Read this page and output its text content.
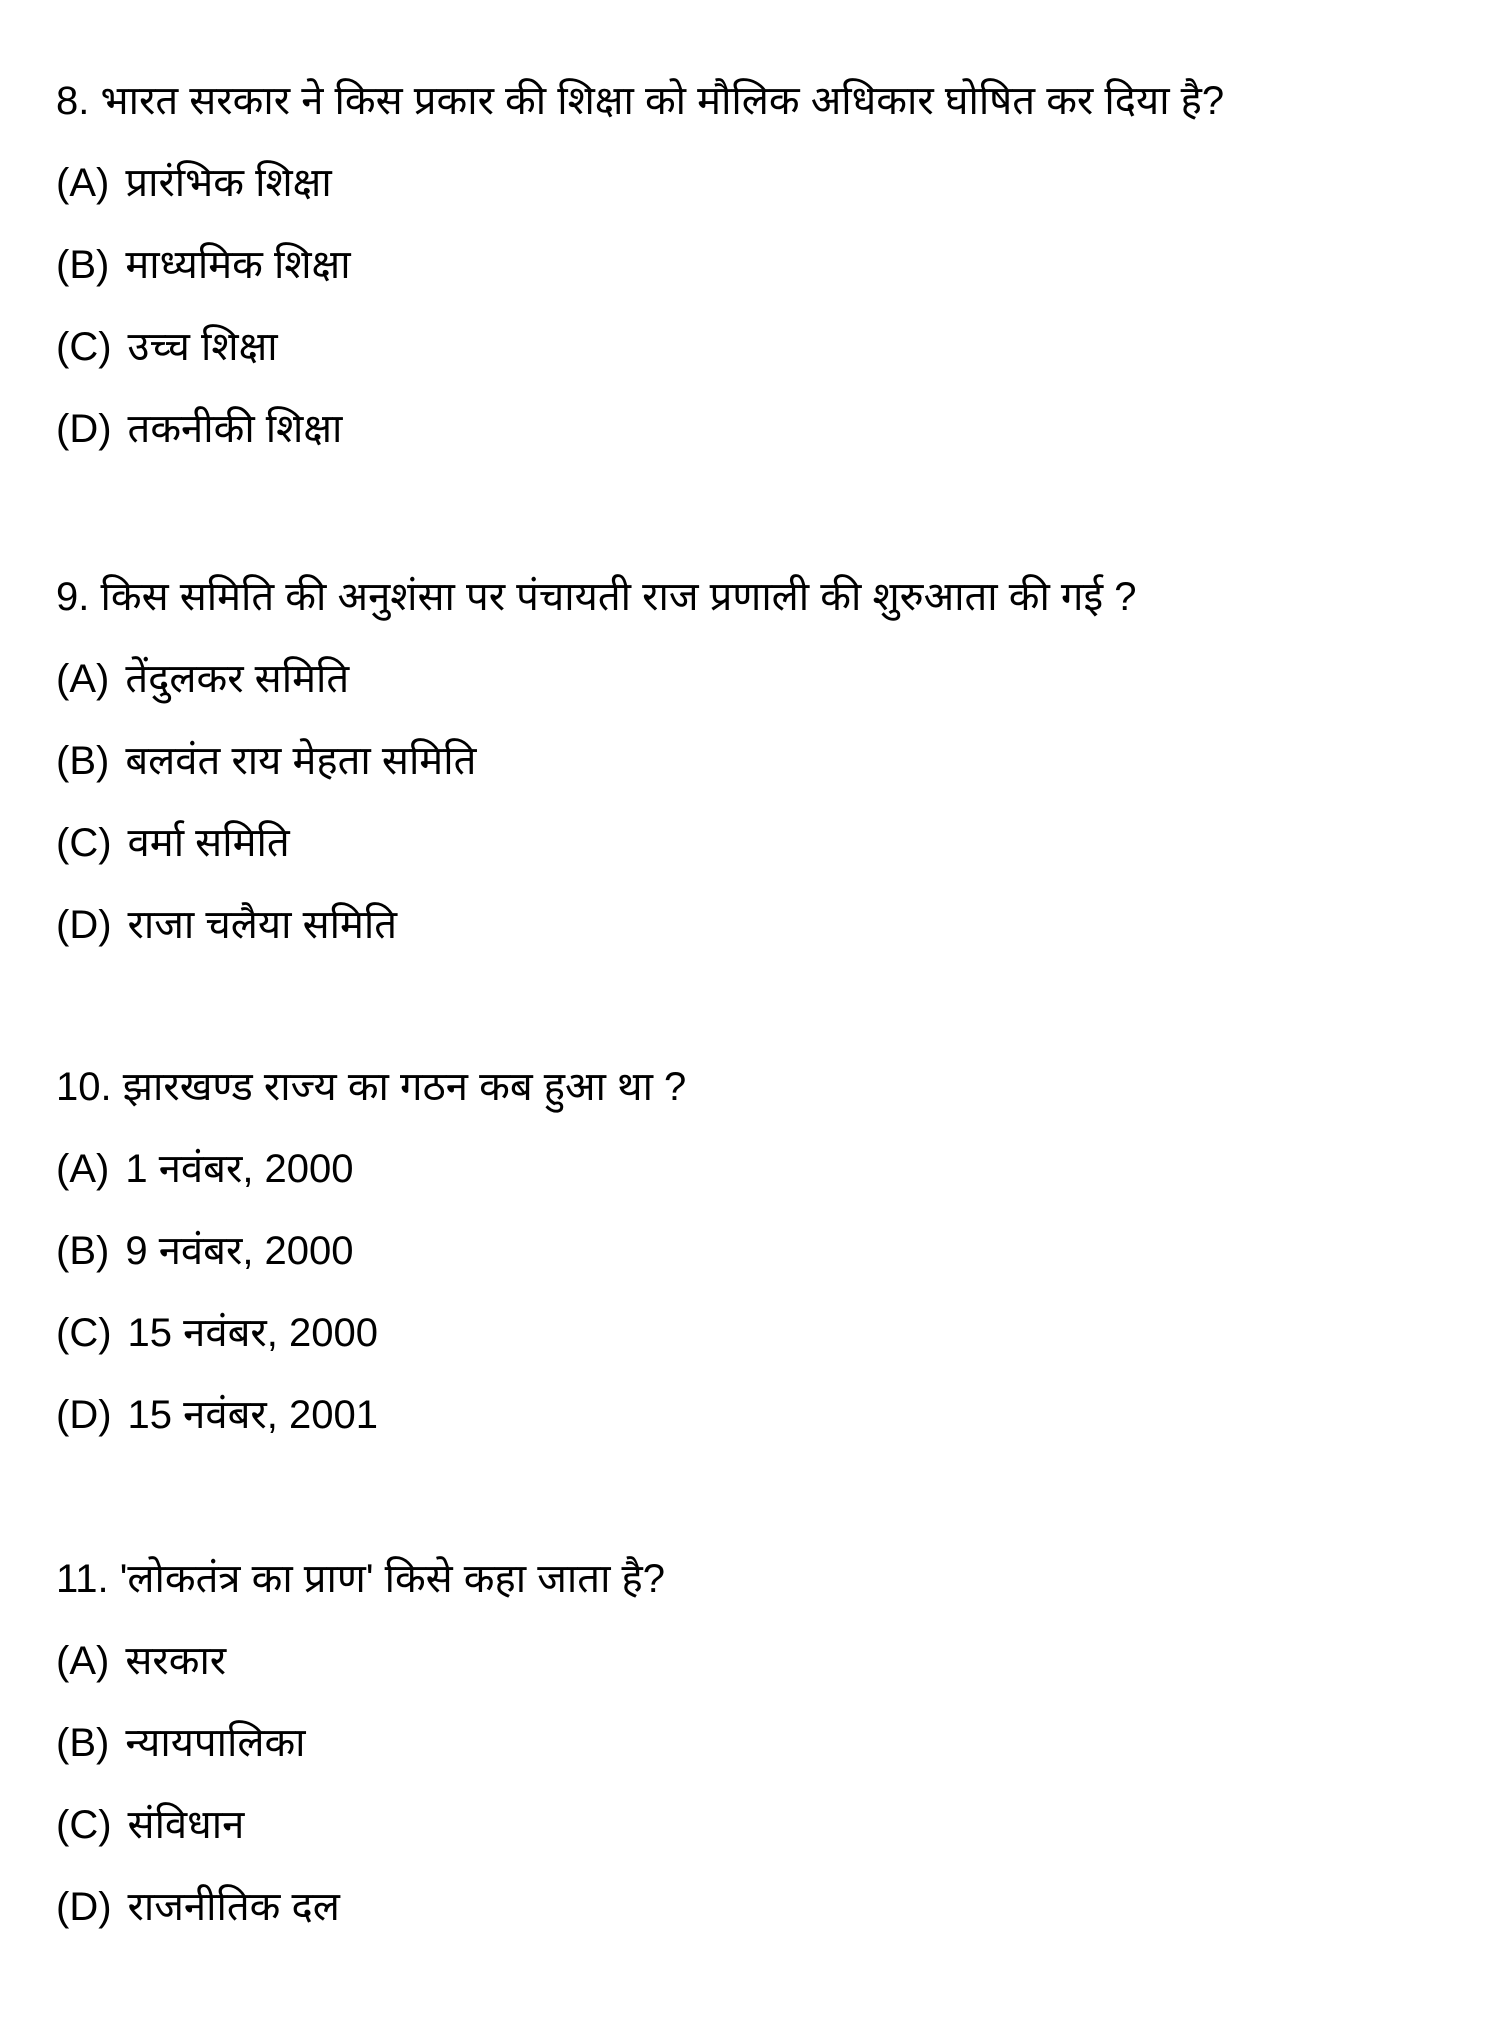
8. भारत सरकार ने किस प्रकार की शिक्षा को मौलिक अधिकार घोषित कर दिया है?
(A) प्रारंभिक शिक्षा
(B) माध्यमिक शिक्षा
(C) उच्च शिक्षा
(D) तकनीकी शिक्षा
9. किस समिति की अनुशंसा पर पंचायती राज प्रणाली की शुरुआता की गई ?
(A) तेंदुलकर समिति
(B) बलवंत राय मेहता समिति
(C) वर्मा समिति
(D) राजा चलैया समिति
10. झारखण्ड राज्य का गठन कब हुआ था ?
(A) 1 नवंबर, 2000
(B) 9 नवंबर, 2000
(C) 15 नवंबर, 2000
(D) 15 नवंबर, 2001
11. 'लोकतंत्र का प्राण' किसे कहा जाता है?
(A) सरकार
(B) न्यायपालिका
(C) संविधान
(D) राजनीतिक दल
